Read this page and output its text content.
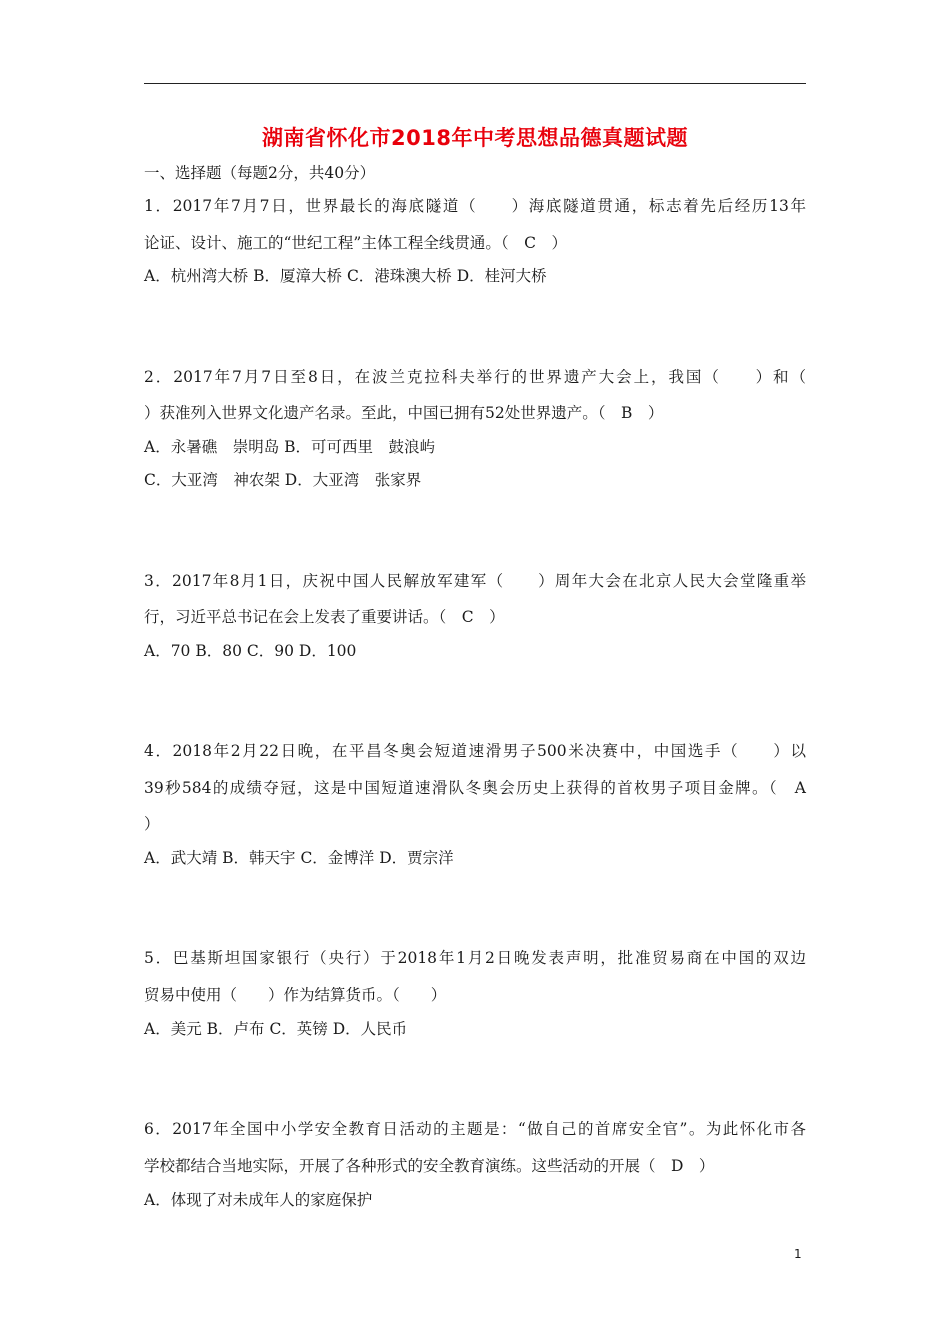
湖南省怀化市2018年中考思想品德真题试题
一、选择题（每题2分，共40分）
1．2017年7月7日，世界最长的海底隧道（　　）海底隧道贯通，标志着先后经历13年
论证、设计、施工的“世纪工程”主体工程全线贯通。（　C　）
A．杭州湾大桥 B．厦漳大桥 C．港珠澳大桥 D．桂河大桥
2．2017年7月7日至8日，在波兰克拉科夫举行的世界遗产大会上，我国（　　）和（
）获准列入世界文化遗产名录。至此，中国已拥有52处世界遗产。（　B　）
A．永暑礁　崇明岛 B．可可西里　鼓浪屿
C．大亚湾　神农架 D．大亚湾　张家界
3．2017年8月1日，庆祝中国人民解放军建军（　　）周年大会在北京人民大会堂隆重举
行，习近平总书记在会上发表了重要讲话。（　C　）
A．70 B．80 C．90 D．100
4．2018年2月22日晚，在平昌冬奥会短道速滑男子500米决赛中，中国选手（　　）以
39秒584的成绩夺冠，这是中国短道速滑队冬奥会历史上获得的首枚男子项目金牌。（　A
）
A．武大靖 B．韩天宇 C．金博洋 D．贾宗洋
5．巴基斯坦国家银行（央行）于2018年1月2日晚发表声明，批准贸易商在中国的双边
贸易中使用（　　）作为结算货币。（　　）
A．美元 B．卢布 C．英镑 D．人民币
6．2017年全国中小学安全教育日活动的主题是：“做自己的首席安全官”。为此怀化市各
学校都结合当地实际，开展了各种形式的安全教育演练。这些活动的开展（　D　）
A．体现了对未成年人的家庭保护
1
